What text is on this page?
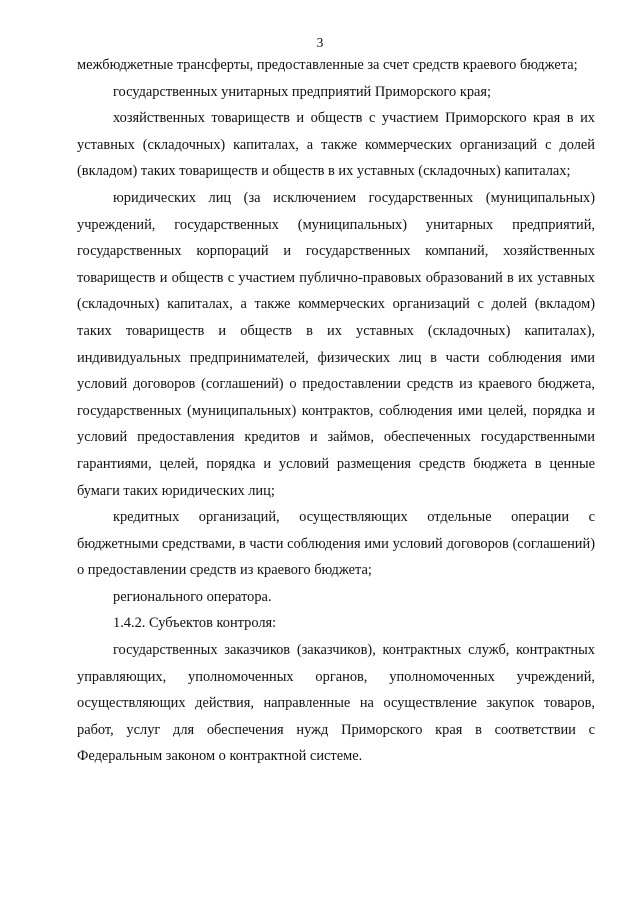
3

межбюджетные трансферты, предоставленные за счет средств краевого бюджета;

государственных унитарных предприятий Приморского края;

хозяйственных товариществ и обществ с участием Приморского края в их уставных (складочных) капиталах, а также коммерческих организаций с долей (вкладом) таких товариществ и обществ в их уставных (складочных) капиталах;

юридических лиц (за исключением государственных (муниципальных) учреждений, государственных (муниципальных) унитарных предприятий, государственных корпораций и государственных компаний, хозяйственных товариществ и обществ с участием публично-правовых образований в их уставных (складочных) капиталах, а также коммерческих организаций с долей (вкладом) таких товариществ и обществ в их уставных (складочных) капиталах), индивидуальных предпринимателей, физических лиц в части соблюдения ими условий договоров (соглашений) о предоставлении средств из краевого бюджета, государственных (муниципальных) контрактов, соблюдения ими целей, порядка и условий предоставления кредитов и займов, обеспеченных государственными гарантиями, целей, порядка и условий размещения средств бюджета в ценные бумаги таких юридических лиц;

кредитных организаций, осуществляющих отдельные операции с бюджетными средствами, в части соблюдения ими условий договоров (соглашений) о предоставлении средств из краевого бюджета;

регионального оператора.

1.4.2. Субъектов контроля:

государственных заказчиков (заказчиков), контрактных служб, контрактных управляющих, уполномоченных органов, уполномоченных учреждений, осуществляющих действия, направленные на осуществление закупок товаров, работ, услуг для обеспечения нужд Приморского края в соответствии с Федеральным законом о контрактной системе.
